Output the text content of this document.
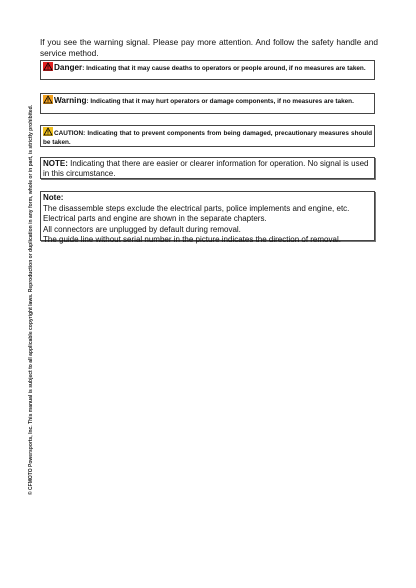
© CFMOTO Powersports, Inc. This manual is subject to all applicable copyright laws. Reproduction or duplication in any form, whole or in part, is strictly prohibited.
If you see the warning signal. Please pay more attention. And follow the safety handle and service method.
Danger: Indicating that it may cause deaths to operators or people around, if no measures are taken.
Warning: Indicating that it may hurt operators or damage components, if no measures are taken.
CAUTION: Indicating that to prevent components from being damaged, precautionary measures should be taken.
NOTE: Indicating that there are easier or clearer information for operation. No signal is used in this circumstance.
Note:
The disassemble steps exclude the electrical parts, police implements and engine, etc.
Electrical parts and engine are shown in the separate chapters.
All connectors are unplugged by default during removal.
The guide line without serial number in the picture indicates the direction of removal.
